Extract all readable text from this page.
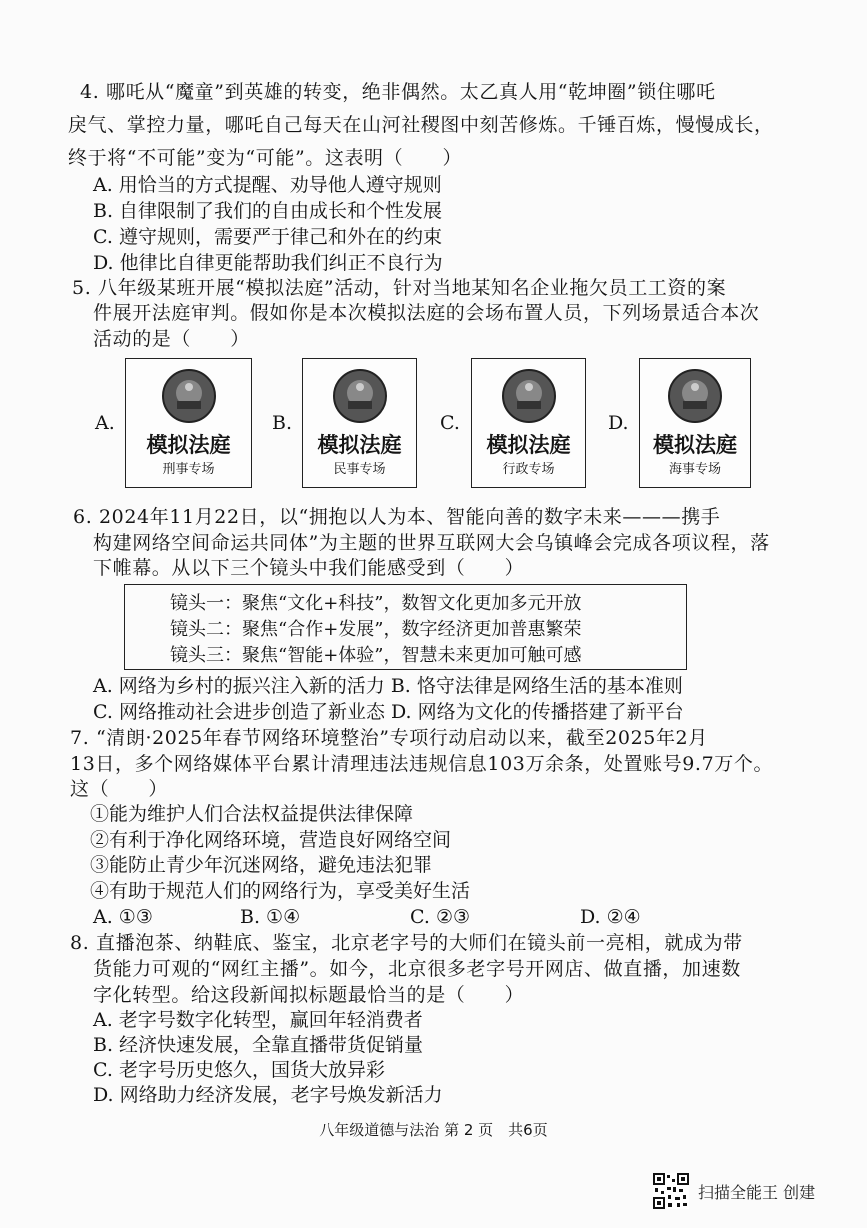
4. 哪吒从“魔童”到英雄的转变，绝非偶然。太乙真人用“乾坤圈”锁住哪吒
戾气、掌控力量，哪吒自己每天在山河社稷图中刻苦修炼。千锤百炼，慢慢成长，
终于将“不可能”变为“可能”。这表明（　　）
A. 用恰当的方式提醒、劝导他人遵守规则
B. 自律限制了我们的自由成长和个性发展
C. 遵守规则，需要严于律己和外在的约束
D. 他律比自律更能帮助我们纠正不良行为
5. 八年级某班开展“模拟法庭”活动，针对当地某知名企业拖欠员工工资的案
件展开法庭审判。假如你是本次模拟法庭的会场布置人员，下列场景适合本次
活动的是（　　）
A.
模拟法庭
刑事专场
B.
模拟法庭
民事专场
C.
模拟法庭
行政专场
D.
模拟法庭
海事专场
6. 2024年11月22日，以“拥抱以人为本、智能向善的数字未来———携手
构建网络空间命运共同体”为主题的世界互联网大会乌镇峰会完成各项议程，落
下帷幕。从以下三个镜头中我们能感受到（　　）
镜头一：聚焦“文化+科技”，数智文化更加多元开放
镜头二：聚焦“合作+发展”，数字经济更加普惠繁荣
镜头三：聚焦“智能+体验”，智慧未来更加可触可感
A. 网络为乡村的振兴注入新的活力 B. 恪守法律是网络生活的基本准则
C. 网络推动社会进步创造了新业态 D. 网络为文化的传播搭建了新平台
7. “清朗·2025年春节网络环境整治”专项行动启动以来，截至2025年2月
13日，多个网络媒体平台累计清理违法违规信息103万余条，处置账号9.7万个。
这（　　）
①能为维护人们合法权益提供法律保障
②有利于净化网络环境，营造良好网络空间
③能防止青少年沉迷网络，避免违法犯罪
④有助于规范人们的网络行为，享受美好生活
A. ①③	B. ①④	C. ②③	D. ②④
8. 直播泡茶、纳鞋底、鉴宝，北京老字号的大师们在镜头前一亮相，就成为带
货能力可观的“网红主播”。如今，北京很多老字号开网店、做直播，加速数
字化转型。给这段新闻拟标题最恰当的是（　　）
A. 老字号数字化转型，赢回年轻消费者
B. 经济快速发展，全靠直播带货促销量
C. 老字号历史悠久，国货大放异彩
D. 网络助力经济发展，老字号焕发新活力
八年级道德与法治 第 2 页　共6页
扫描全能王 创建
